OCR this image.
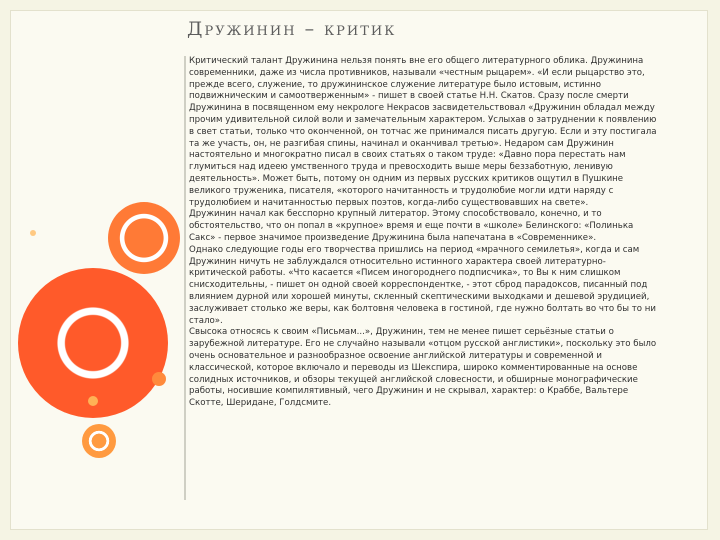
Дружинин – критик

Критический талант Дружинина нельзя понять вне его общего литературного облика. Дружинина современники, даже из числа противников, называли «честным рыцарем». «И если рыцарство это, прежде всего, служение, то дружининское служение литературе было истовым, истинно подвижническим и самоотверженным» - пишет в своей статье Н.Н. Скатов. Сразу после смерти Дружинина в посвященном ему некрологе Некрасов засвидетельствовал «Дружинин обладал между прочим удивительной силой воли и замечательным характером. Услыхав о затруднении к появлению в свет статьи, только что оконченной, он тотчас же принимался писать другую. Если и эту постигала та же участь, он, не разгибая спины, начинал и оканчивал третью». Недаром сам Дружинин настоятельно и многократно писал в своих статьях о таком труде: «Давно пора перестать нам глумиться над идеею умственного труда и превосходить выше меры беззаботную, ленивую деятельность». Может быть, потому он одним из первых русских критиков ощутил в Пушкине великого труженика, писателя, «которого начитанность и трудолюбие могли идти наряду с трудолюбием и начитанностью первых поэтов, когда-либо существовавших на свете».

Дружинин начал как бесспорно крупный литератор. Этому способствовало, конечно, и то обстоятельство, что он попал в «крупное» время и еще почти в «школе» Белинского: «Полинька Сакс» - первое значимое произведение Дружинина была напечатана в «Современнике».

Однако следующие годы его творчества пришлись на период «мрачного семилетья», когда и сам Дружинин ничуть не заблуждался относительно истинного характера своей литературно-критической работы. «Что касается «Писем иногороднего подписчика», то Вы к ним слишком снисходительны, - пишет он одной своей корреспондентке, - этот сброд парадоксов, писанный под влиянием дурной или хорошей минуты, скленный скептическими выходками и дешевой эрудицией, заслуживает столько же веры, как болтовня человека в гостиной, где нужно болтать во что бы то ни стало».

Свысока относясь к своим «Письмам...», Дружинин, тем не менее пишет серьёзные статьи о зарубежной литературе. Его не случайно называли «отцом русской англистики», поскольку это было очень основательное и разнообразное освоение английской литературы и современной и классической, которое включало и переводы из Шекспира, широко комментированные на основе солидных источников, и обзоры текущей английской словесности, и обширные монографические работы, носившие компилятивный, чего Дружинин и не скрывал, характер: о Краббе, Вальтере Скотте, Шеридане, Голдсмите.
